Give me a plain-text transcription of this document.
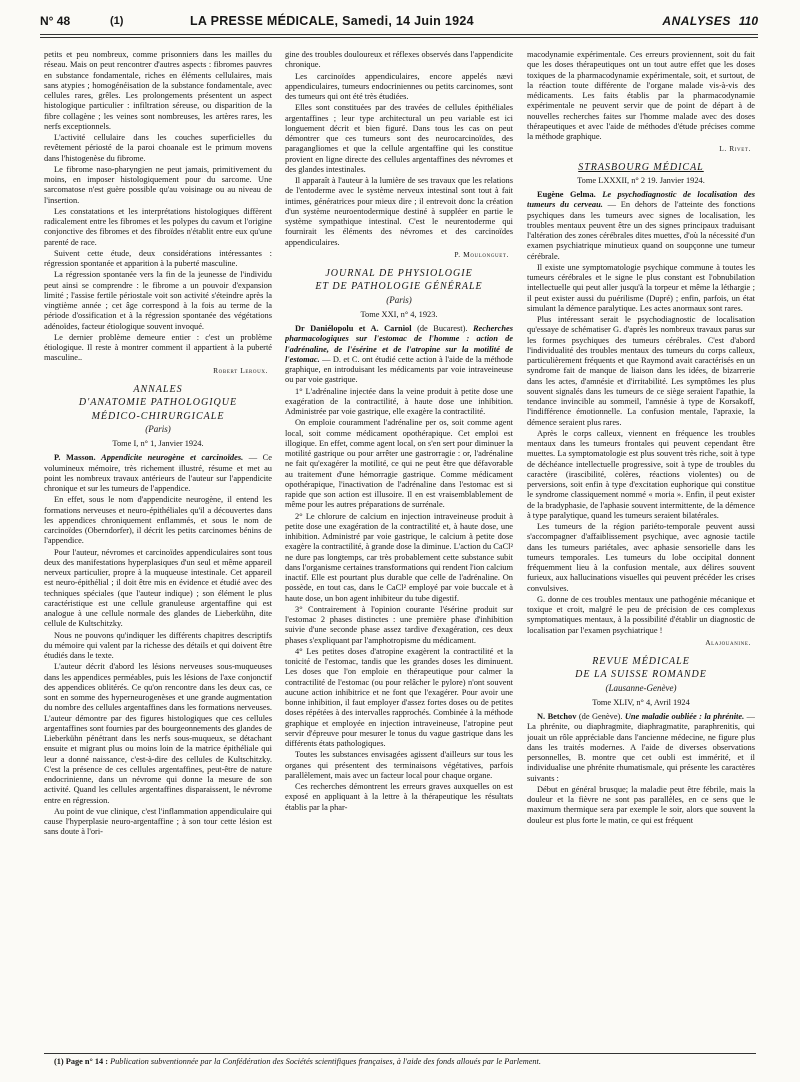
N° 48	(1)	LA PRESSE MÉDICALE, Samedi, 14 Juin 1924	ANALYSES 110

petits et peu nombreux, comme prisonniers dans les mailles du réseau. Mais on peut rencontrer d'autres aspects : fibromes pauvres en substance fondamentale, riches en éléments cellulaires, mais sans atypies ; homogénéisation de la substance fondamentale, avec cellules rares, grêles. Les prolongements présentent un aspect histologique particulier : infiltration séreuse, ou disparition de la fibre collagène ; les veines sont nombreuses, les artères rares, les nerfs exceptionnels.

L'activité cellulaire dans les couches superficielles du revêtement périosté de la paroi choanale est le primum movens dans l'histogenèse du fibrome.

Le fibrome naso-pharyngien ne peut jamais, primitivement du moins, en imposer histologiquement pour du sarcome. Une sarcomatose n'est guère possible qu'au voisinage ou au niveau de l'insertion.

Les constatations et les interprétations histologiques diffèrent radicalement entre les fibromes et les polypes du cavum et l'origine conjonctive des fibromes et des fibroïdes n'établit entre eux qu'une parenté de race.

Suivent cette étude, deux considérations intéressantes : régression spontanée et apparition à la puberté masculine.

La régression spontanée vers la fin de la jeunesse de l'individu peut ainsi se comprendre : le fibrome a un pouvoir d'expansion limité ; l'assise fertile périostale voit son activité s'éteindre après la vingtième année ; cet âge correspond à la fois au terme de la période d'ossification et à la régression spontanée des végétations adénoïdes, facteur étiologique souvent invoqué.

Le dernier problème demeure entier : c'est un problème étiologique. Il reste à montrer comment il appartient à la puberté masculine..

Robert Leroux.
ANNALES
D'ANATOMIE PATHOLOGIQUE
MÉDICO-CHIRURGICALE
(Paris)
Tome I, n° 1, Janvier 1924.

P. Masson. Appendicite neurogène et carcinoïdes. — Ce volumineux mémoire, très richement illustré, résume et met au point les nombreux travaux antérieurs de l'auteur sur l'appendicite chronique et sur les tumeurs de l'appendice.

En effet, sous le nom d'appendicite neurogène, il entend les formations nerveuses et neuro-épithéliales qu'il a découvertes dans les appendices chroniquement enflammés, et sous le nom de carcinoïdes (Oberndorfer), il décrit les petits carcinomes bénins de l'appendice.

Pour l'auteur, névromes et carcinoïdes appendiculaires sont tous deux des manifestations hyperplasiques d'un seul et même appareil nerveux particulier, propre à la muqueuse intestinale. Cet appareil est neuro-épithélial ; il doit être mis en évidence et étudié avec des techniques spéciales (que l'auteur indique) ; son élément le plus caractéristique est une cellule granuleuse argentaffine qui est analogue à une cellule normale des glandes de Lieberkühn, dite cellule de Kultschitzky.

Nous ne pouvons qu'indiquer les différents chapitres descriptifs du mémoire qui valent par la richesse des détails et qui doivent être étudiés dans le texte.

L'auteur décrit d'abord les lésions nerveuses sous-muqueuses dans les appendices perméables, puis les lésions de l'axe conjonctif des appendices oblitérés. Ce qu'on rencontre dans les deux cas, ce sont en somme des hyperneurogenèses et une grande augmentation du nombre des cellules argentaffines dans les formations nerveuses. L'auteur démontre par des figures histologiques que ces cellules argentaffines sont fournies par des bourgeonnements des glandes de Lieberkühn pénétrant dans les nerfs sous-muqueux, se détachant ensuite et migrant plus ou moins loin de la matrice épithéliale qui leur a donné naissance, c'est-à-dire des cellules de Kultschitzky. C'est la présence de ces cellules argentaffines, peut-être de nature endocrinienne, dans un névrome qui donne la mesure de son activité. Quand les cellules argentaffines disparaissent, le névrome entre en régression.

Au point de vue clinique, c'est l'inflammation appendiculaire qui cause l'hyperplasie neuro-argentaffine ; à son tour cette lésion est sans doute à l'ori-

gine des troubles douloureux et réflexes observés dans l'appendicite chronique.

Les carcinoïdes appendiculaires, encore appelés nævi appendiculaires, tumeurs endocriniennes ou petits carcinomes, sont des tumeurs qui ont été très étudiées.

Elles sont constituées par des travées de cellules épithéliales argentaffines ; leur type architectural un peu variable est ici longuement décrit et bien figuré. Dans tous les cas on peut démontrer que ces tumeurs sont des neurocarcinoïdes, des paragangliomes et que la cellule argentaffine qui les constitue provient en ligne directe des cellules argentaffines des névromes et des glandes intestinales.

Il apparaît à l'auteur à la lumière de ses travaux que les relations de l'entoderme avec le système nerveux intestinal sont tout à fait intimes, génératrices pour mieux dire ; il entrevoit donc la création d'un système neuroentodermique destiné à suppléer en partie le système sympathique intestinal. C'est le neurentoderme qui fournirait les éléments des névromes et des carcinoïdes appendiculaires.

P. Moulonguet.
JOURNAL DE PHYSIOLOGIE
ET DE PATHOLOGIE GÉNÉRALE
(Paris)
Tome XXI, n° 4, 1923.

Dr Daniélopolu et A. Carniol (de Bucarest). Recherches pharmacologiques sur l'estomac de l'homme : action de l'adrénaline, de l'ésérine et de l'atropine sur la motilité de l'estomac. — D. et C. ont étudié cette action à l'aide de la méthode graphique, en introduisant les médicaments par voie intraveineuse ou par voie gastrique.

1° L'adrénaline injectée dans la veine produit à petite dose une exagération de la contractilité, à haute dose une inhibition. Administrée par voie gastrique, elle exagère la contractilité.

On emploie couramment l'adrénaline per os, soit comme agent local, soit comme médicament opothérapique. Cet emploi est illogique. En effet, comme agent local, on s'en sert pour diminuer la motilité gastrique ou pour arrêter une gastrorragie : or, l'adrénaline ne fait qu'exagérer la motilité, ce qui ne peut être que défavorable au traitement d'une hémorragie gastrique. Comme médicament opothérapique, l'inactivation de l'adrénaline dans l'estomac est si rapide que son action est illusoire. Il en est vraisemblablement de même pour les autres préparations de surrénale.

2° Le chlorure de calcium en injection intraveineuse produit à petite dose une exagération de la contractilité et, à haute dose, une inhibition. Administré par voie gastrique, le calcium à petite dose exagère la contractilité, à grande dose la diminue. L'action du CaCl² ne dure pas longtemps, car très probablement cette substance subit dans l'organisme certaines transformations qui rendent l'ion calcium inactif. Elle est pourtant plus durable que celle de l'adrénaline. On possède, en tout cas, dans le CaCl² employé par voie buccale et à haute dose, un bon agent inhibiteur du tube digestif.

3° Contrairement à l'opinion courante l'ésérine produit sur l'estomac 2 phases distinctes : une première phase d'inhibition suivie d'une seconde phase assez tardive d'exagération, ces deux phases s'expliquant par l'amphotropisme du médicament.

4° Les petites doses d'atropine exagèrent la contractilité et la tonicité de l'estomac, tandis que les grandes doses les diminuent. Les doses que l'on emploie en thérapeutique pour calmer la contractilité de l'estomac (ou pour relâcher le pylore) n'ont souvent aucune action inhibitrice et ne font que l'exagérer. Pour avoir une bonne inhibition, il faut employer d'assez fortes doses ou de petites doses répétées à des intervalles rapprochés. Combinée à la méthode graphique et employée en injection intraveineuse, l'atropine peut servir d'épreuve pour mesurer le tonus du vague gastrique dans les différents états pathologiques.

Toutes les substances envisagées agissent d'ailleurs sur tous les organes qui présentent des terminaisons végétatives, parfois parallèlement, mais avec un facteur local pour chaque organe.

Ces recherches démontrent les erreurs graves auxquelles on est exposé en appliquant à la lettre à la thérapeutique les résultats établis par la phar-

macodynamie expérimentale. Ces erreurs proviennent, soit du fait que les doses thérapeutiques ont un tout autre effet que les doses toxiques de la pharmacodynamie expérimentale, soit, et surtout, de la réaction toute différente de l'organe malade vis-à-vis des médicaments. Les faits établis par la pharmacodynamie expérimentale ne peuvent servir que de point de départ à de nouvelles recherches faites sur l'homme malade avec des doses thérapeutiques et avec l'aide de méthodes d'étude précises comme la méthode graphique.

L. Rivet.
STRASBOURG MÉDICAL
Tome LXXXII, n° 2 19. Janvier 1924.

Eugène Gelma. Le psychodiagnostic de localisation des tumeurs du cerveau. — En dehors de l'atteinte des fonctions psychiques dans les tumeurs avec signes de localisation, les troubles mentaux peuvent être un des signes principaux traduisant l'altération des zones cérébrales dites muettes, d'où la nécessité d'un examen psychiatrique minutieux quand on soupçonne une tumeur cérébrale.

Il existe une symptomatologie psychique commune à toutes les tumeurs cérébrales et le signe le plus constant est l'obnubilation intellectuelle qui peut aller jusqu'à la torpeur et même la léthargie ; il peut exister aussi du puérilisme (Dupré) ; enfin, parfois, un état simulant la démence paralytique. Les actes anormaux sont rares.

Plus intéressant serait le psychodiagnostic de localisation qu'essaye de schématiser G. d'après les nombreux travaux parus sur les formes psychiques des tumeurs cérébrales. C'est d'abord l'individualité des troubles mentaux des tumeurs du corps calleux, particulièrement fréquents et que Raymond avait caractérisés en un syndrome fait de manque de liaison dans les idées, de bizarrerie dans les actes, d'amnésie et d'irritabilité. Les symptômes les plus souvent signalés dans les tumeurs de ce siège seraient l'apathie, la tendance invincible au sommeil, l'amnésie à type de Korsakoff, l'indifférence émotionnelle. La confusion mentale, l'apraxie, la démence seraient plus rares.

Après le corps calleux, viennent en fréquence les troubles mentaux dans les tumeurs frontales qui peuvent cependant être muettes. La symptomatologie est plus souvent très riche, soit à type de déchéance intellectuelle progressive, soit à type de troubles du caractère (irascibilité, colères, réactions violentes) ou de perversions, soit enfin à type d'excitation euphorique qui constitue le syndrome classiquement nommé « moria ». Enfin, il peut exister de la bradyphasie, de l'aphasie souvent intermittente, de la démence à type paralytique, quand les tumeurs seraient bilatérales.

Les tumeurs de la région pariéto-temporale peuvent aussi s'accompagner d'affaiblissement psychique, avec agnosie tactile dans les tumeurs pariétales, avec aphasie sensorielle dans les tumeurs temporales. Les tumeurs du lobe occipital donnent fréquemment lieu à la confusion mentale, aux délires souvent furieux, aux hallucinations visuelles qui peuvent précéder les crises convulsives.

G. donne de ces troubles mentaux une pathogénie mécanique et toxique et croit, malgré le peu de précision de ces complexus symptomatiques mentaux, à la possibilité d'établir un diagnostic de localisation par l'examen psychiatrique !

Alajouanine.
REVUE MÉDICALE
DE LA SUISSE ROMANDE
(Lausanne-Genève)
Tome XLIV, n° 4, Avril 1924

N. Betchov (de Genève). Une maladie oubliée : la phrénite. — La phrénite, ou diaphragmite, diaphragmatite, paraphrenitis, qui jouait un rôle appréciable dans l'ancienne médecine, ne figure plus dans les traités modernes. A l'aide de diverses observations personnelles, B. montre que cet oubli est immérité, et il individualise une phrénite rhumatismale, qui présente les caractères suivants :

Début en général brusque; la maladie peut être fébrile, mais la douleur et la fièvre ne sont pas parallèles, en ce sens que le maximum thermique sera par exemple le soir, alors que souvent la douleur est plus forte le matin, ce qui est fréquent

(1) Page n° 14 : Publication subventionnée par la Confédération des Sociétés scientifiques françaises, à l'aide des fonds alloués par le Parlement.
